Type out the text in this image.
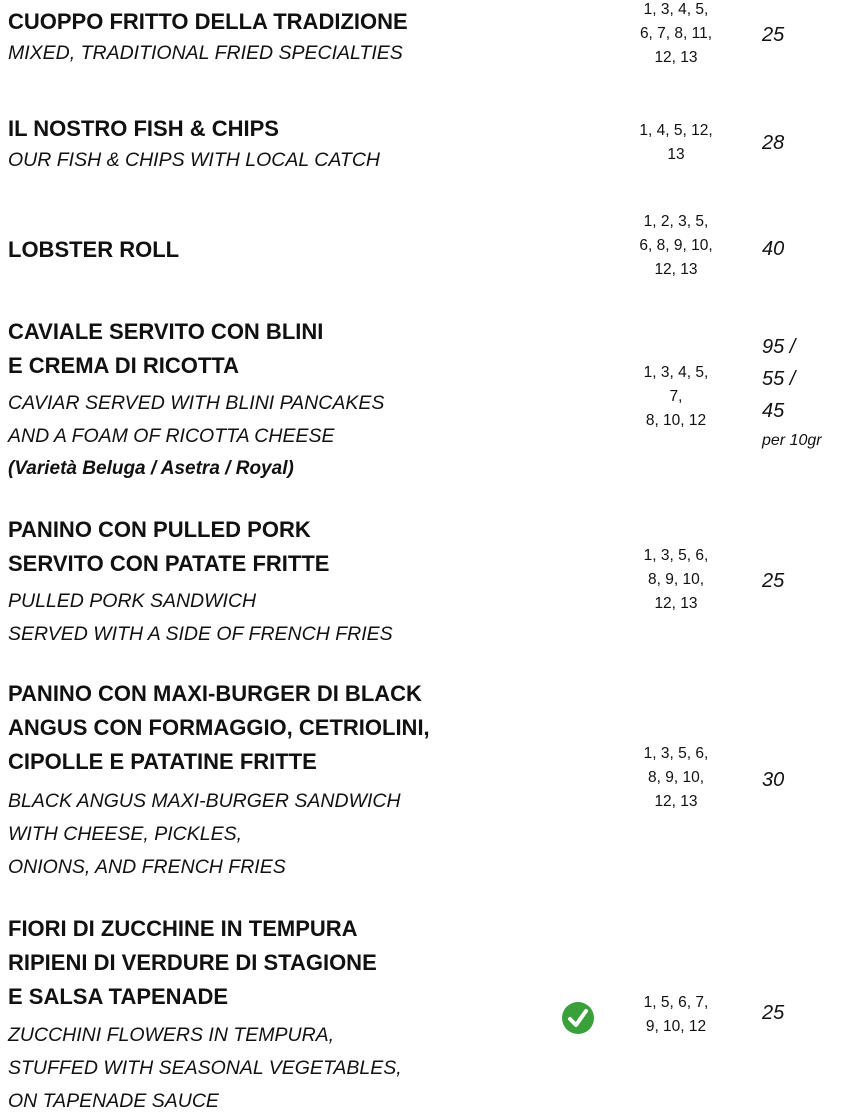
CUOPPO FRITTO DELLA TRADIZIONE
MIXED, TRADITIONAL FRIED SPECIALTIES
1, 3, 4, 5,
6, 7, 8, 11,
12, 13
25
IL NOSTRO FISH & CHIPS
OUR FISH & CHIPS WITH LOCAL CATCH
1, 4, 5, 12,
13
28
LOBSTER ROLL
1, 2, 3, 5,
6, 8, 9, 10,
12, 13
40
CAVIALE SERVITO CON BLINI
E CREMA DI RICOTTA
CAVIAR SERVED WITH BLINI PANCAKES
AND A FOAM OF RICOTTA CHEESE
(Varietà Beluga / Asetra / Royal)
1, 3, 4, 5,
7,
8, 10, 12
95 /
55 /
45
per 10gr
PANINO CON PULLED PORK
SERVITO CON PATATE FRITTE
PULLED PORK SANDWICH
SERVED WITH A SIDE OF FRENCH FRIES
1, 3, 5, 6,
8, 9, 10,
12, 13
25
PANINO CON MAXI-BURGER DI BLACK
ANGUS CON FORMAGGIO, CETRIOLINI,
CIPOLLE E PATATINE FRITTE
BLACK ANGUS MAXI-BURGER SANDWICH
WITH CHEESE, PICKLES,
ONIONS, AND FRENCH FRIES
1, 3, 5, 6,
8, 9, 10,
12, 13
30
FIORI DI ZUCCHINE IN TEMPURA
RIPIENI DI VERDURE DI STAGIONE
E SALSA TAPENADE
ZUCCHINI FLOWERS IN TEMPURA,
STUFFED WITH SEASONAL VEGETABLES,
ON TAPENADE SAUCE
1, 5, 6, 7,
9, 10, 12
25
